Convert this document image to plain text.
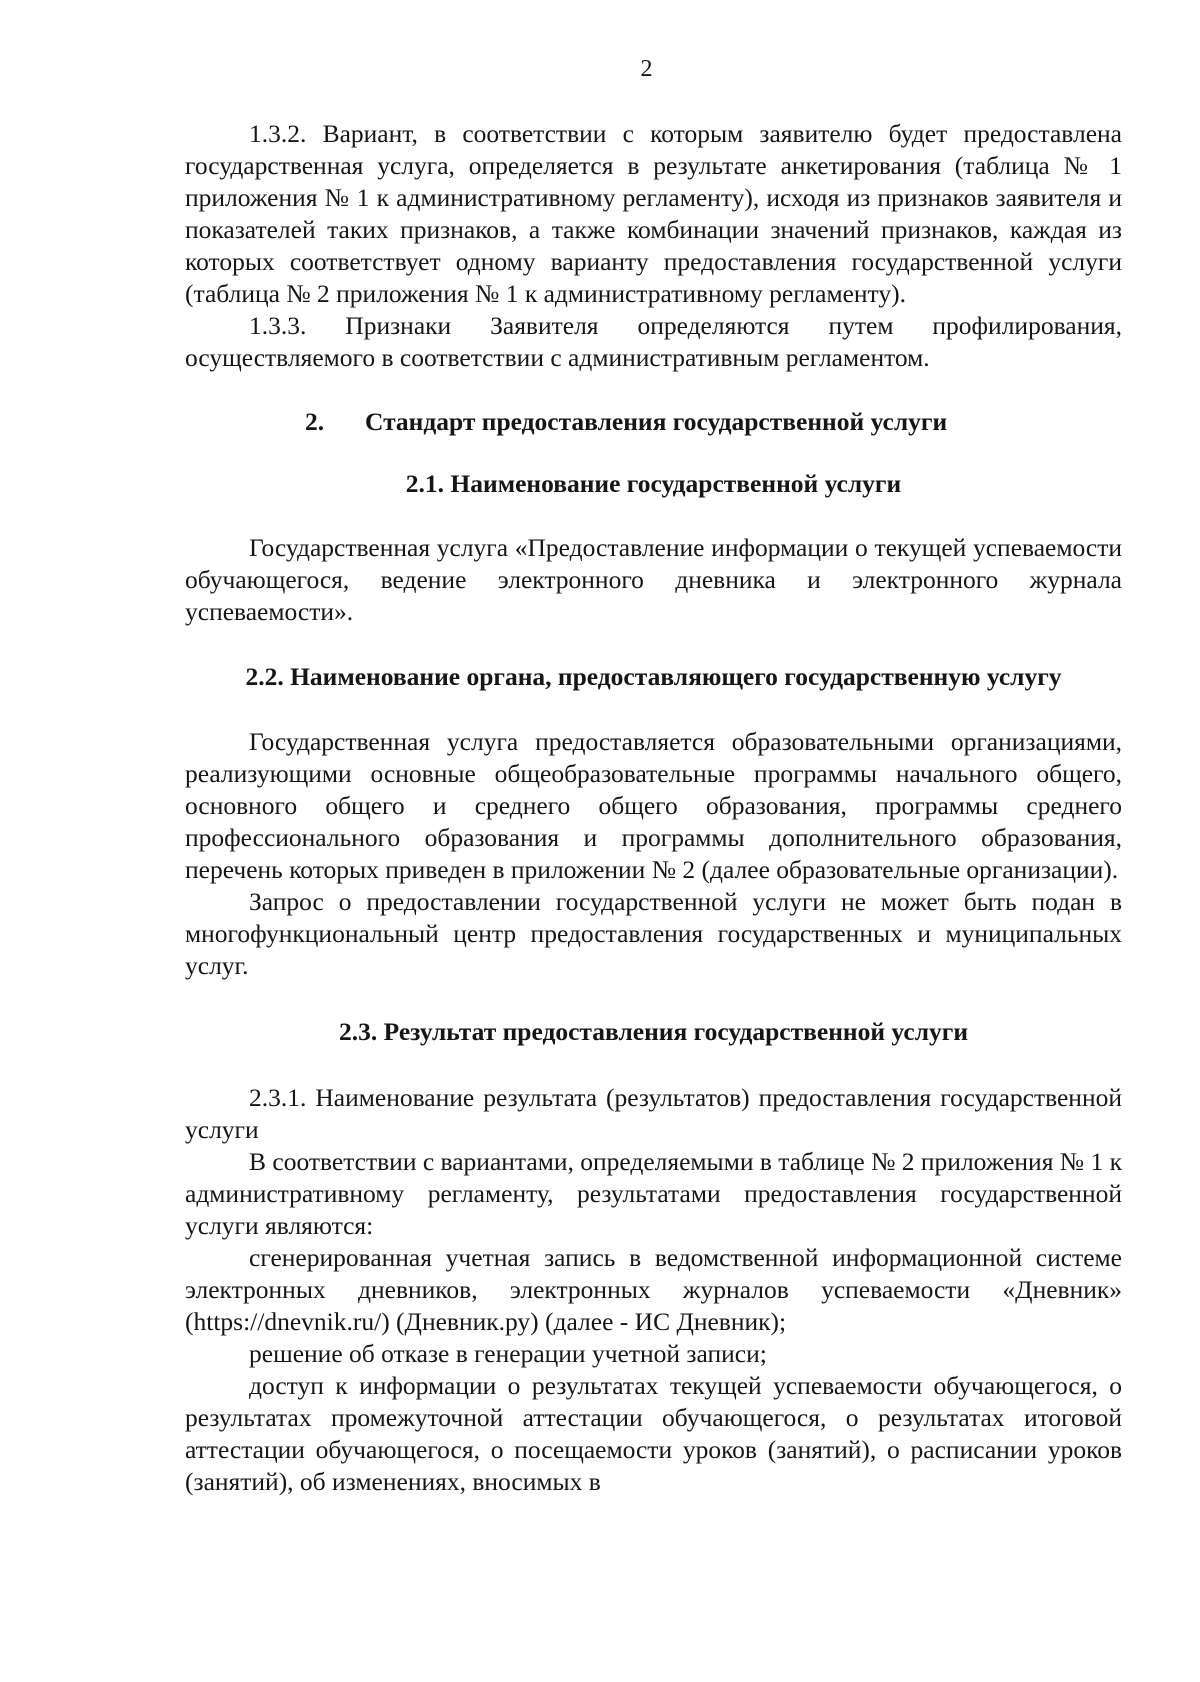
2

1.3.2. Вариант, в соответствии с которым заявителю будет предоставлена государственная услуга, определяется в результате анкетирования (таблица № 1 приложения № 1 к административному регламенту), исходя из признаков заявителя и показателей таких признаков, а также комбинации значений признаков, каждая из которых соответствует одному варианту предоставления государственной услуги (таблица № 2 приложения № 1 к административному регламенту).

1.3.3. Признаки Заявителя определяются путем профилирования, осуществляемого в соответствии с административным регламентом.

2. Стандарт предоставления государственной услуги
2.1. Наименование государственной услуги

Государственная услуга «Предоставление информации о текущей успеваемости обучающегося, ведение электронного дневника и электронного журнала успеваемости».

2.2. Наименование органа, предоставляющего государственную услугу

Государственная услуга предоставляется образовательными организациями, реализующими основные общеобразовательные программы начального общего, основного общего и среднего общего образования, программы среднего профессионального образования и программы дополнительного образования, перечень которых приведен в приложении № 2 (далее образовательные организации).

Запрос о предоставлении государственной услуги не может быть подан в многофункциональный центр предоставления государственных и муниципальных услуг.

2.3. Результат предоставления государственной услуги

2.3.1. Наименование результата (результатов) предоставления государственной услуги

В соответствии с вариантами, определяемыми в таблице № 2 приложения № 1 к административному регламенту, результатами предоставления государственной услуги являются:

сгенерированная учетная запись в ведомственной информационной системе электронных дневников, электронных журналов успеваемости «Дневник» (https://dnevnik.ru/) (Дневник.ру) (далее - ИС Дневник);

решение об отказе в генерации учетной записи;

доступ к информации о результатах текущей успеваемости обучающегося, о результатах промежуточной аттестации обучающегося, о результатах итоговой аттестации обучающегося, о посещаемости уроков (занятий), о расписании уроков (занятий), об изменениях, вносимых в
